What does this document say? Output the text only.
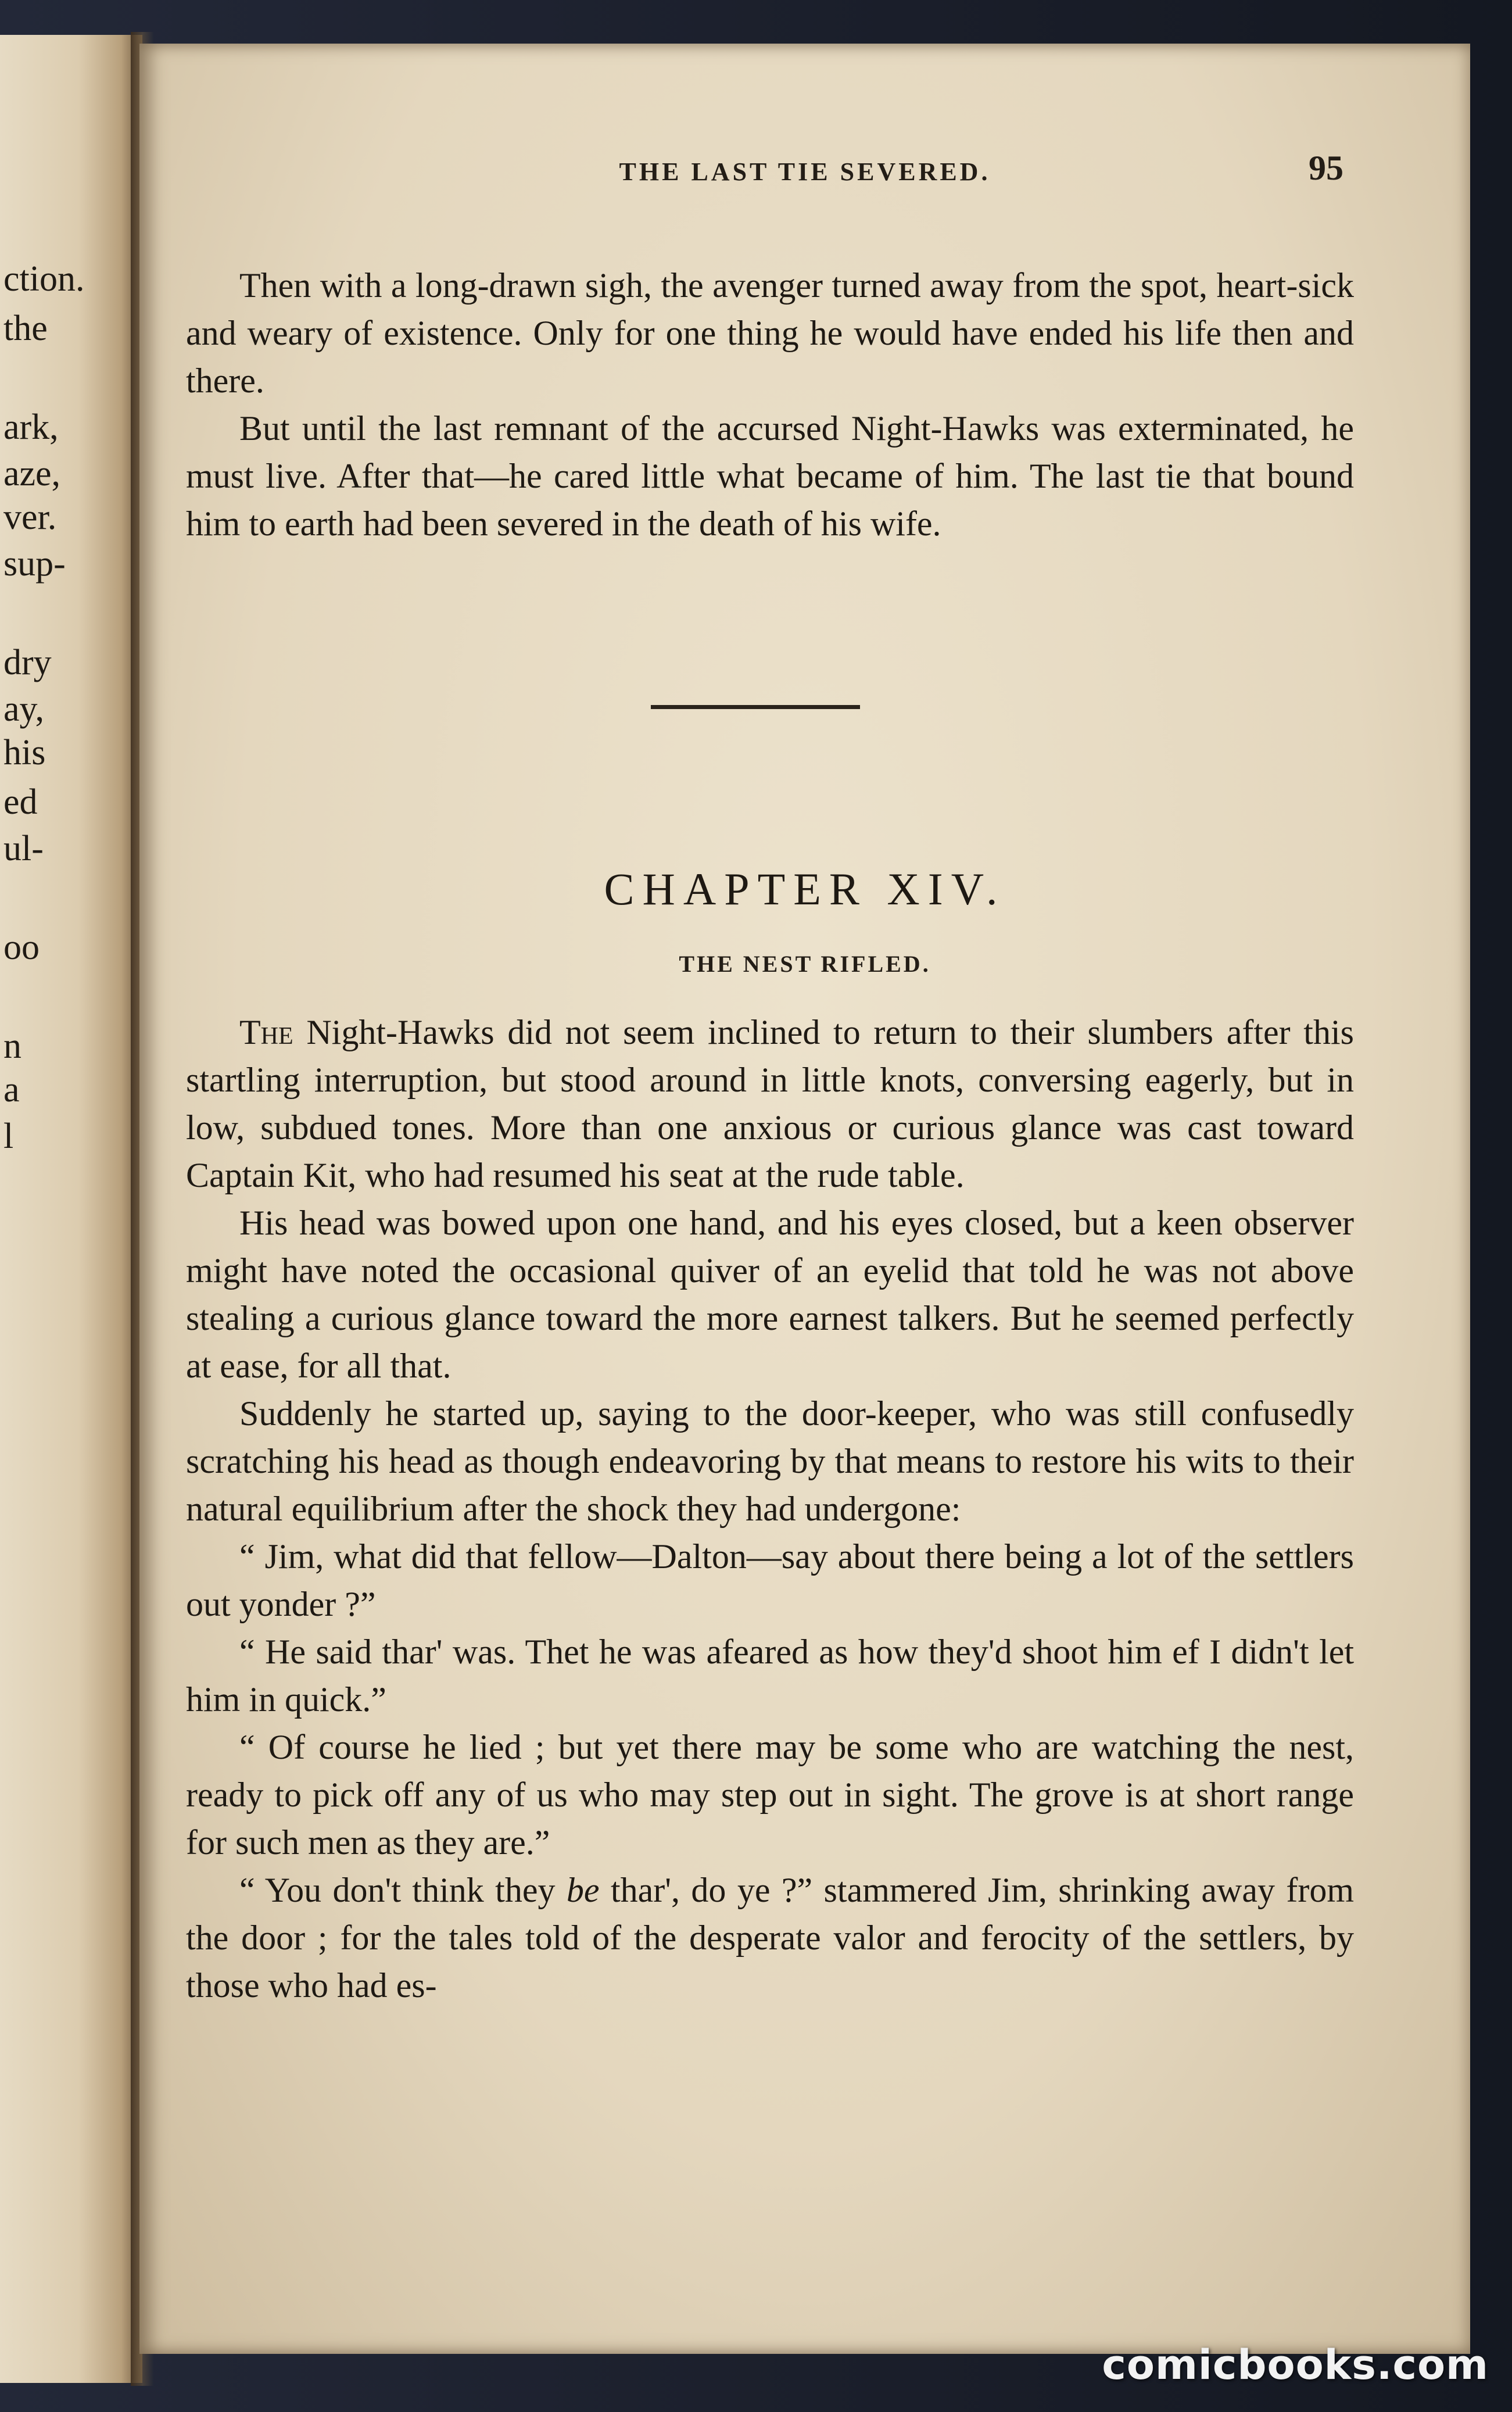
ction.
the
ark,
aze,
ver.
sup-
dry
ay,
his
ed
ul-
oo
n
a
l
THE LAST TIE SEVERED.	95

Then with a long-drawn sigh, the avenger turned away from the spot, heart-sick and weary of existence. Only for one thing he would have ended his life then and there.

But until the last remnant of the accursed Night-Hawks was exterminated, he must live. After that—he cared little what became of him. The last tie that bound him to earth had been severed in the death of his wife.

CHAPTER XIV.
THE NEST RIFLED.

The Night-Hawks did not seem inclined to return to their slumbers after this startling interruption, but stood around in little knots, conversing eagerly, but in low, subdued tones. More than one anxious or curious glance was cast toward Captain Kit, who had resumed his seat at the rude table.

His head was bowed upon one hand, and his eyes closed, but a keen observer might have noted the occasional quiver of an eyelid that told he was not above stealing a curious glance toward the more earnest talkers. But he seemed perfectly at ease, for all that.

Suddenly he started up, saying to the door-keeper, who was still confusedly scratching his head as though endeavoring by that means to restore his wits to their natural equilibrium after the shock they had undergone:

“ Jim, what did that fellow—Dalton—say about there being a lot of the settlers out yonder ?”

“ He said thar' was. Thet he was afeared as how they'd shoot him ef I didn't let him in quick.”

“ Of course he lied ; but yet there may be some who are watching the nest, ready to pick off any of us who may step out in sight. The grove is at short range for such men as they are.”

“ You don't think they be thar', do ye ?” stammered Jim, shrinking away from the door ; for the tales told of the desperate valor and ferocity of the settlers, by those who had es-

comicbooks.com
